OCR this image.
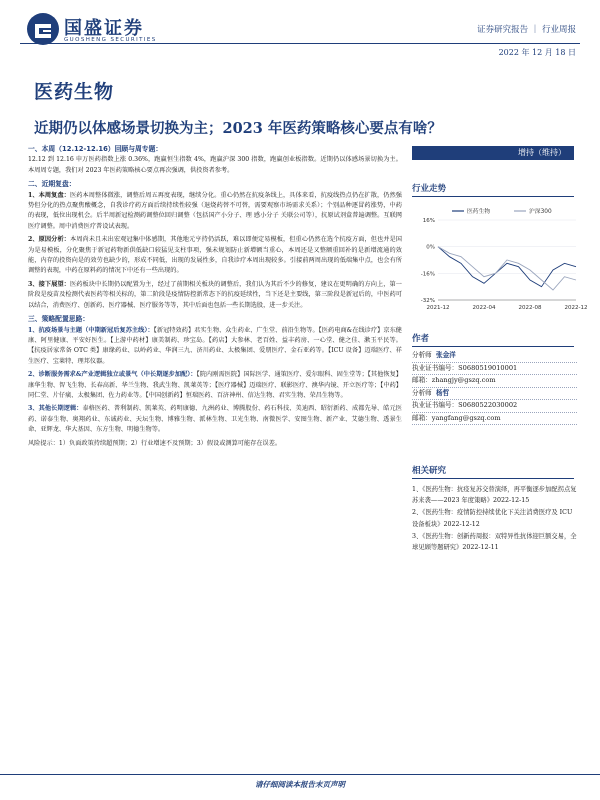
国盛证券
GUOSHENG SECURITIES
证券研究报告 ｜ 行业周报
2022 年 12 月 18 日
医药生物
近期仍以体感场景切换为主；2023 年医药策略核心要点有啥？
一、本周（12.12-12.16）回顾与周专题：

12.12 到 12.16 申万医药指数上涨 0.36%，跑赢恒生指数 4%，跑赢沪深 300 指数，跑赢创业板指数。近期仍以体感场景切换为主。本周周专题，我们对 2023 年医药策略核心要点再次强调，供投资者参考。

二、近期复盘：

1、本周复盘：医药本周整体微涨，调整后周五再度表现，继续分化。重心仍然在抗疫条线上，具体来看，抗疫线热点仍在扩散，仍然强势但分化的热点聚焦酸概念，自我诊疗药方面后续持续性较强（退烧药替不可替，需要观察市场需求关系）；个别品种逐冒药涨势，中药的表现，低位出现机会。后半周新冠检测药调整位回归调整（包括国产小分子、理 感小分子 关联公司等），抗原试剂盒普遍调整。互联网医疗调整。周中消费医疗普设试表现。

2、原因分析：本周尚未且未出宏观冠集中体感期，其他地元亨持仍活跃，难以即便定易模板，但重心仍然在选个抗疫方面，但也并是国为是易模板，分化聚焦于新冠药物新供低缺口较猛见支柱事项，强未规划防止新增额当重心，本周还是又整额重回补的是新增流通的效能，内存的投资向是的效劳也缺少的，形成不同低，出现的发展性多，自我诊疗本周出现较多。引接前两周出现的低端集中点，也会有所调整的表现，中药在原料药的情况下中还有一些出现的。

3、接下展望：医药板块中长期仍以配置为主，经过了前期相关板块的调整后，我们认为其后不少的修复，建议在更明确的方向上，第一阶段是疫苗及检测代表医药等相关标的，第二阶段是疫情防控新常态下的抗疫延续性，当下还是主要线，第三阶段是新冠后的，中医药可以结合，消费医疗、创新药、医疗器械、医疗服务等等，其中后面也包括一些长期选股，进一步关注。

三、策略配置思路：

1、抗疫场景与主题（中期新冠后复苏主线）：【新冠特效药】君实生物、众生药业、广生堂、前沿生物等。【医药电商&在线诊疗】京东健康、阿里健康、平安好医生。【上游中药材】康美制药、珍宝岛。【药店】大参林、老百姓、益丰药房、一心堂、健之佳、漱玉平民等。【抗疫居家常备 OTC 类】康缘药业、以岭药业、华润三九、济川药业、太极集团、爱朋医疗、金石亚药等。【ICU 设备】迈瑞医疗、祥生医疗、宝莱特、理邦仪器。

2、诊断服务需求&产业逻辑独立或景气（中长期逐步加配）：【院内刚需医院】国际医学、通策医疗、爱尔眼科、固生堂等；【其他恢复】康华生物、智飞生物、长春高新、华兰生物、我武生物、凯莱英等；【医疗器械】迈瑞医疗、联影医疗、澳华内镜、开立医疗等；【中药】同仁堂、片仔癀、太极集团、佐力药业等。【中国创新药】恒瑞医药、百济神州、信达生物、君实生物、荣昌生物等。

3、其他长期逻辑：泰格医药、普利制药、凯莱英、药明康德、九洲药业、博腾股份、药石科技、美迪西、昭衍新药、成都先导、皓元医药、诺泰生物、奥翔药业、东诚药业、天坛生物、博雅生物、派林生物、卫光生物、南微医学、安图生物、新产业、艾德生物、透景生命、亚辉龙、华大基因、东方生物、明德生物等。

风险提示：1）负面政策持续超预期；2）行业增速不及预期；3）假设或测算可能存在误差。

增持（维持）
行业走势
16%
0%
-16%
-32%
2021-12	2022-04	2022-08	2022-12
医药生物	沪深300
作者
分析师 张金洋
执业证书编号：S0680519010001
邮箱：zhangjy@gszq.com
分析师 杨哲
执业证书编号：S0680522030002
邮箱：yangfang@gszq.com
相关研究

1、《医药生物：抗疫复苏交替演绎，再平衡逐步加配拐点复苏来袭——2023 年度策略》2022-12-15

2、《医药生物：疫情防控持续优化下关注消费医疗及 ICU 设备板块》2022-12-12

3、《医药生物：创新药周报：双特异性抗体迎巨额交易，全球见顾等题研究》2022-12-11

请仔细阅读本报告末页声明
